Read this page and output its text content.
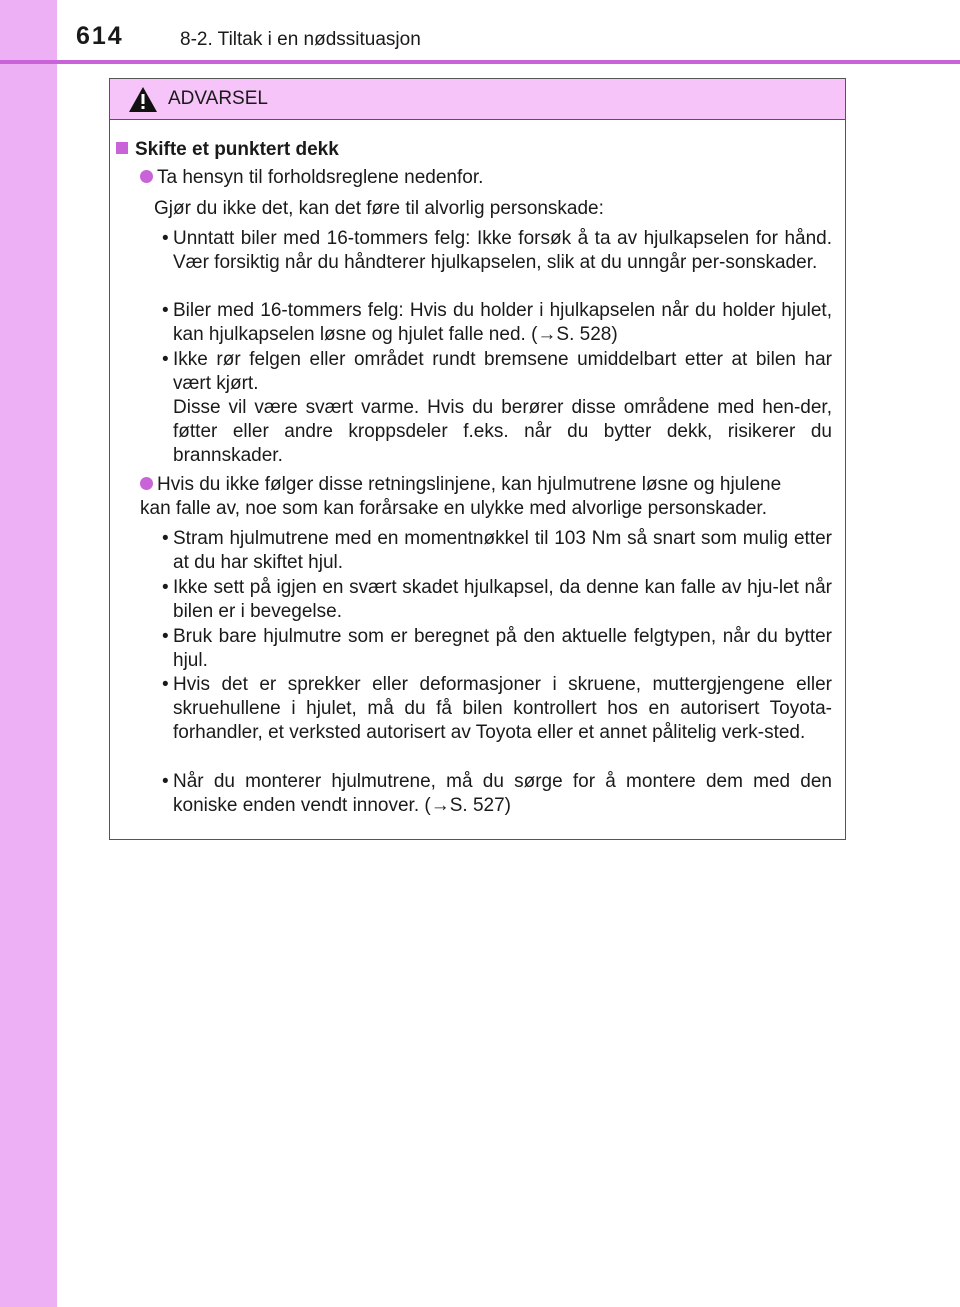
614	8-2. Tiltak i en nødssituasjon
ADVARSEL
Skifte et punktert dekk
Ta hensyn til forholdsreglene nedenfor.
Gjør du ikke det, kan det føre til alvorlig personskade:
• Unntatt biler med 16-tommers felg: Ikke forsøk å ta av hjulkapselen for hånd. Vær forsiktig når du håndterer hjulkapselen, slik at du unngår per-sonskader.
• Biler med 16-tommers felg: Hvis du holder i hjulkapselen når du holder hjulet, kan hjulkapselen løsne og hjulet falle ned. (→S. 528)
• Ikke rør felgen eller området rundt bremsene umiddelbart etter at bilen har vært kjørt.
Disse vil være svært varme. Hvis du berører disse områdene med hen-der, føtter eller andre kroppsdeler f.eks. når du bytter dekk, risikerer du brannskader.
Hvis du ikke følger disse retningslinjene, kan hjulmutrene løsne og hjulene
kan falle av, noe som kan forårsake en ulykke med alvorlige personskader.
• Stram hjulmutrene med en momentnøkkel til 103 Nm så snart som mulig etter at du har skiftet hjul.
• Ikke sett på igjen en svært skadet hjulkapsel, da denne kan falle av hju-let når bilen er i bevegelse.
• Bruk bare hjulmutre som er beregnet på den aktuelle felgtypen, når du bytter hjul.
• Hvis det er sprekker eller deformasjoner i skruene, muttergjengene eller skruehullene i hjulet, må du få bilen kontrollert hos en autorisert Toyota-forhandler, et verksted autorisert av Toyota eller et annet pålitelig verk-sted.
• Når du monterer hjulmutrene, må du sørge for å montere dem med den koniske enden vendt innover. (→S. 527)
